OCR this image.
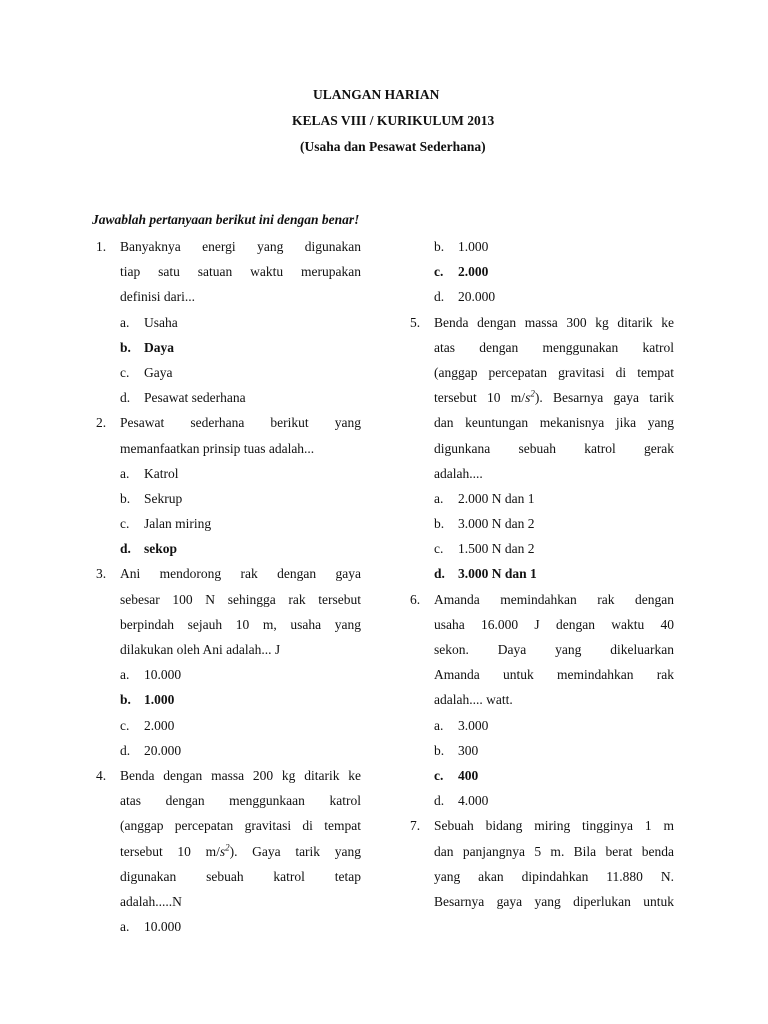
ULANGAN HARIAN
KELAS VIII / KURIKULUM 2013
(Usaha dan Pesawat Sederhana)
Jawablah pertanyaan berikut ini dengan benar!
1. Banyaknya energi yang digunakan
tiap satu satuan waktu merupakan
definisi dari...
a. Usaha
b. Daya
c. Gaya
d. Pesawat sederhana
2. Pesawat sederhana berikut yang
memanfaatkan prinsip tuas adalah...
a. Katrol
b. Sekrup
c. Jalan miring
d. sekop
3. Ani mendorong rak dengan gaya
sebesar 100 N sehingga rak tersebut
berpindah sejauh 10 m, usaha yang
dilakukan oleh Ani adalah... J
a. 10.000
b. 1.000
c. 2.000
d. 20.000
4. Benda dengan massa 200 kg ditarik ke
atas dengan menggunkaan katrol
(anggap percepatan gravitasi di tempat
tersebut 10 $m/s^2$). Gaya tarik yang
digunakan sebuah katrol tetap
adalah.....N
a. 10.000
b. 1.000
c. 2.000
d. 20.000
5. Benda dengan massa 300 kg ditarik ke
atas dengan menggunakan katrol
(anggap percepatan gravitasi di tempat
tersebut 10 $m/s^2$). Besarnya gaya tarik
dan keuntungan mekanisnya jika yang
digunkana sebuah katrol gerak
adalah....
a. 2.000 N dan 1
b. 3.000 N dan 2
c. 1.500 N dan 2
d. 3.000 N dan 1
6. Amanda memindahkan rak dengan
usaha 16.000 J dengan waktu 40
sekon. Daya yang dikeluarkan
Amanda untuk memindahkan rak
adalah.... watt.
a. 3.000
b. 300
c. 400
d. 4.000
7. Sebuah bidang miring tingginya 1 m
dan panjangnya 5 m. Bila berat benda
yang akan dipindahkan 11.880 N.
Besarnya gaya yang diperlukan untuk
